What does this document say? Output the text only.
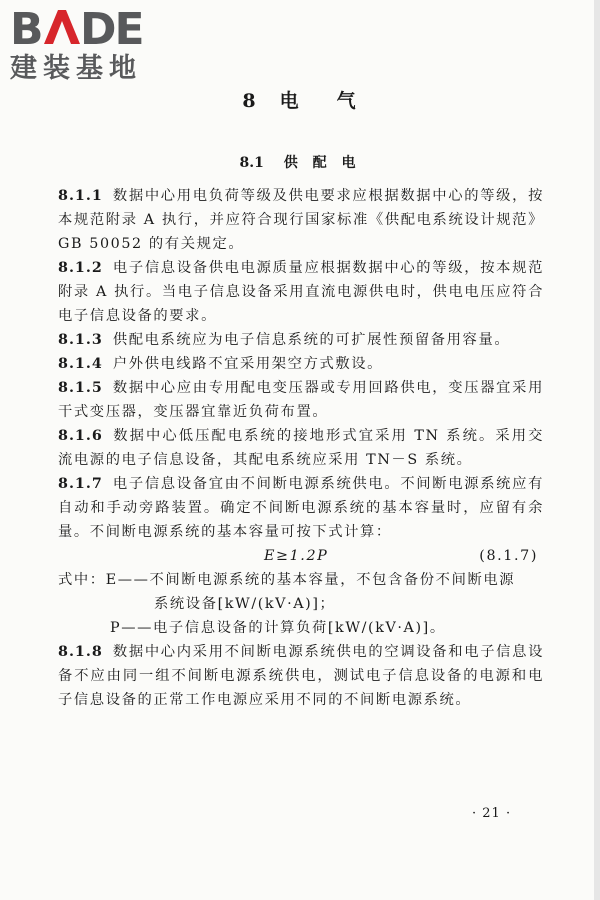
B DE
建装基地
8 电 气
8.1 供 配 电

8.1.1 数据中心用电负荷等级及供电要求应根据数据中心的等级，按本规范附录 A 执行，并应符合现行国家标准《供配电系统设计规范》GB 50052 的有关规定。

8.1.2 电子信息设备供电电源质量应根据数据中心的等级，按本规范附录 A 执行。当电子信息设备采用直流电源供电时，供电电压应符合电子信息设备的要求。

8.1.3 供配电系统应为电子信息系统的可扩展性预留备用容量。

8.1.4 户外供电线路不宜采用架空方式敷设。

8.1.5 数据中心应由专用配电变压器或专用回路供电，变压器宜采用干式变压器，变压器宜靠近负荷布置。

8.1.6 数据中心低压配电系统的接地形式宜采用 TN 系统。采用交流电源的电子信息设备，其配电系统应采用 TN－S 系统。

8.1.7 电子信息设备宜由不间断电源系统供电。不间断电源系统应有自动和手动旁路装置。确定不间断电源系统的基本容量时，应留有余量。不间断电源系统的基本容量可按下式计算：

E≥1.2P	(8.1.7)
式中：E——不间断电源系统的基本容量，不包含备份不间断电源
系统设备[kW/(kV·A)]；
P——电子信息设备的计算负荷[kW/(kV·A)]。

8.1.8 数据中心内采用不间断电源系统供电的空调设备和电子信息设备不应由同一组不间断电源系统供电，测试电子信息设备的电源和电子信息设备的正常工作电源应采用不同的不间断电源系统。

· 21 ·
